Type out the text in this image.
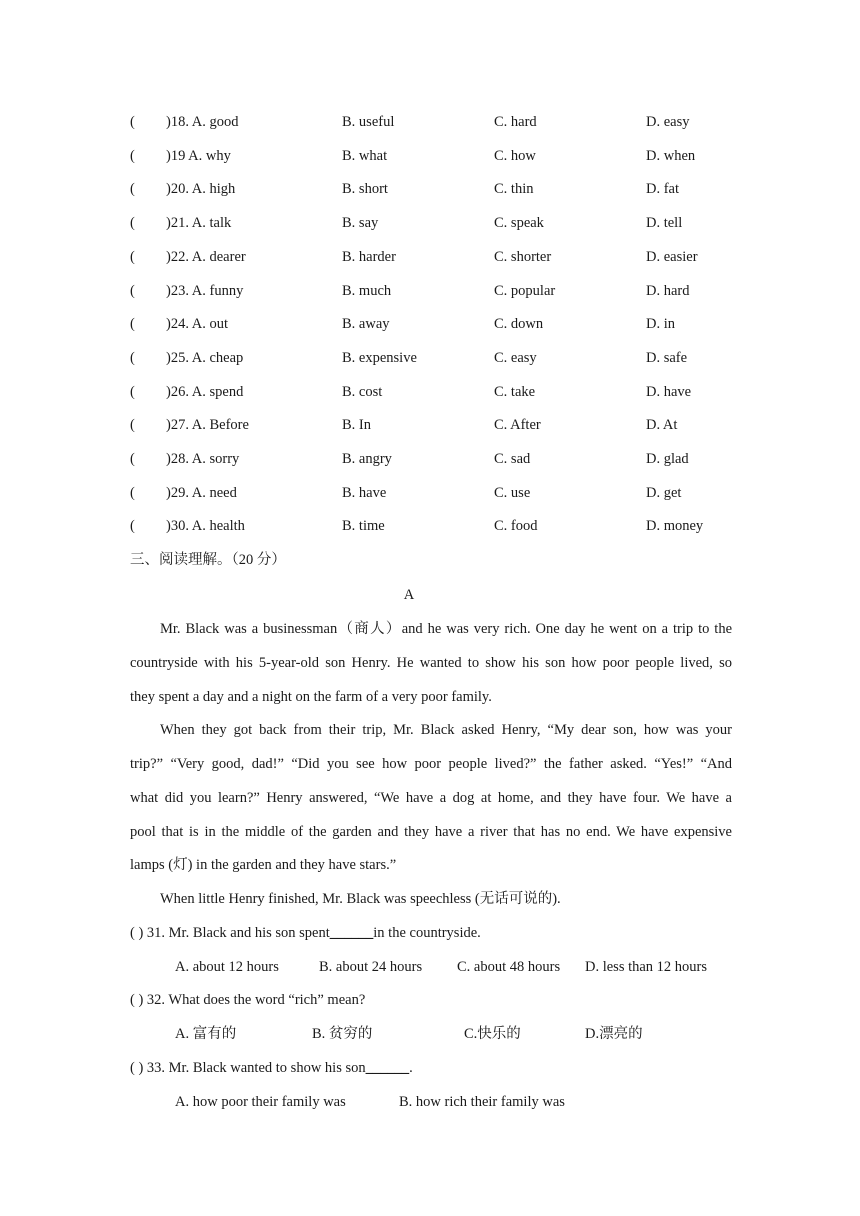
( )18. A. good	B. useful	C. hard	D. easy
( )19 A. why	B. what	C. how	D. when
( )20. A. high	B. short	C. thin	D. fat
( )21. A. talk	B. say	C. speak	D. tell
( )22. A. dearer	B. harder	C. shorter	D. easier
( )23. A. funny	B. much	C. popular	D. hard
( )24. A. out	B. away	C. down	D. in
( )25. A. cheap	B. expensive	C. easy	D. safe
( )26. A. spend	B. cost	C. take	D. have
( )27. A. Before	B. In	C. After	D. At
( )28. A. sorry	B. angry	C. sad	D. glad
( )29. A. need	B. have	C. use	D. get
( )30. A. health	B. time	C. food	D. money
三、阅读理解。（20 分）
A
Mr. Black was a businessman（商人）and he was very rich. One day he went on a trip to the
countryside with his 5-year-old son Henry. He wanted to show his son how poor people lived, so
they spent a day and a night on the farm of a very poor family.
When they got back from their trip, Mr. Black asked Henry, “My dear son, how was your
trip?” “Very good, dad!” “Did you see how poor people lived?” the father asked. “Yes!” “And
what did you learn?” Henry answered, “We have a dog at home, and they have four. We have a
pool that is in the middle of the garden and they have a river that has no end. We have expensive
lamps (灯) in the garden and they have stars.”
When little Henry finished, Mr. Black was speechless (无话可说的).
( ) 31. Mr. Black and his son spent______in the countryside.
A. about 12 hours	B. about 24 hours C. about 48 hours D. less than 12 hours
( ) 32. What does the word “rich” mean?
A. 富有的	B. 贫穷的	C.快乐的	D.漂亮的
( ) 33. Mr. Black wanted to show his son______.
A. how poor their family was	B. how rich their family was
